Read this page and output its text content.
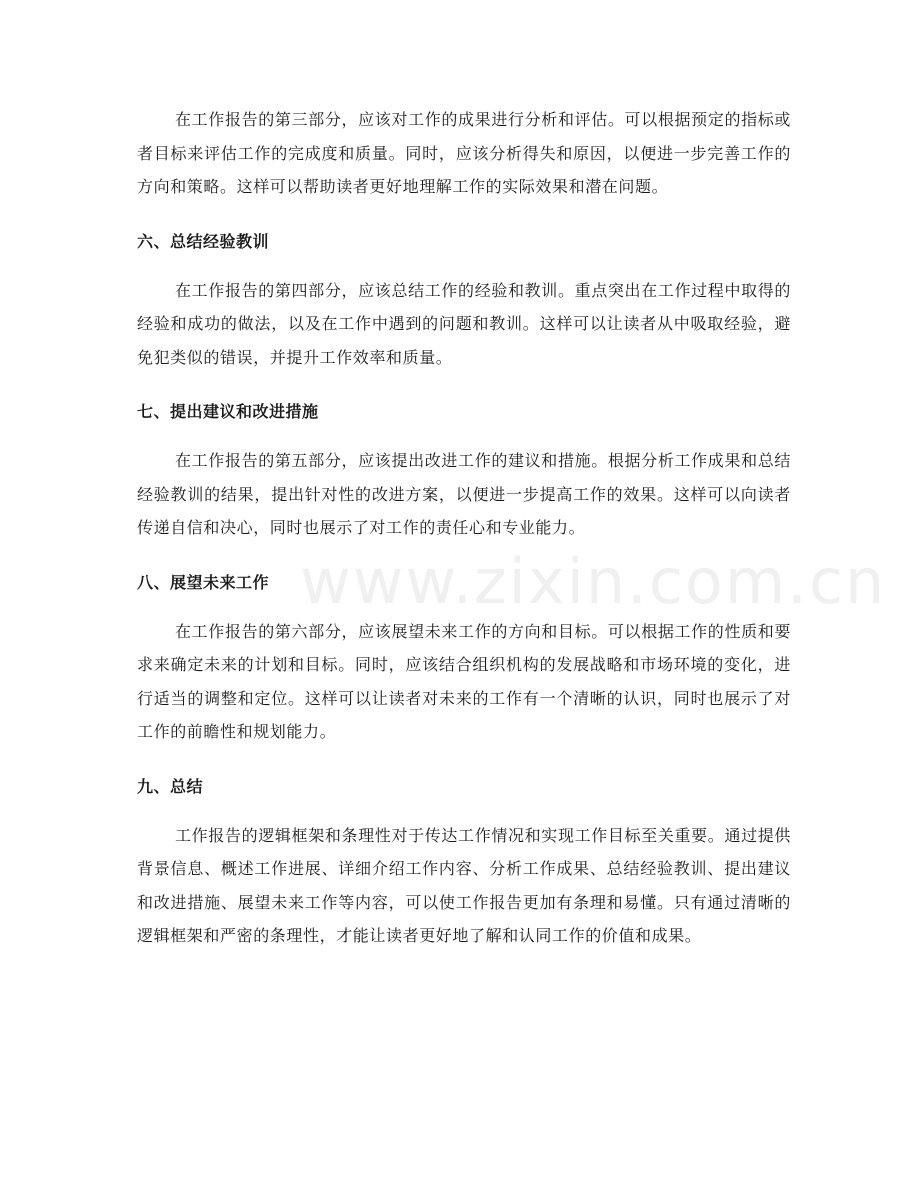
www.zixin.com.cn

在工作报告的第三部分，应该对工作的成果进行分析和评估。可以根据预定的指标或者目标来评估工作的完成度和质量。同时，应该分析得失和原因，以便进一步完善工作的方向和策略。这样可以帮助读者更好地理解工作的实际效果和潜在问题。

六、总结经验教训

在工作报告的第四部分，应该总结工作的经验和教训。重点突出在工作过程中取得的经验和成功的做法，以及在工作中遇到的问题和教训。这样可以让读者从中吸取经验，避免犯类似的错误，并提升工作效率和质量。

七、提出建议和改进措施

在工作报告的第五部分，应该提出改进工作的建议和措施。根据分析工作成果和总结经验教训的结果，提出针对性的改进方案，以便进一步提高工作的效果。这样可以向读者传递自信和决心，同时也展示了对工作的责任心和专业能力。

八、展望未来工作

在工作报告的第六部分，应该展望未来工作的方向和目标。可以根据工作的性质和要求来确定未来的计划和目标。同时，应该结合组织机构的发展战略和市场环境的变化，进行适当的调整和定位。这样可以让读者对未来的工作有一个清晰的认识，同时也展示了对工作的前瞻性和规划能力。

九、总结

工作报告的逻辑框架和条理性对于传达工作情况和实现工作目标至关重要。通过提供背景信息、概述工作进展、详细介绍工作内容、分析工作成果、总结经验教训、提出建议和改进措施、展望未来工作等内容，可以使工作报告更加有条理和易懂。只有通过清晰的逻辑框架和严密的条理性，才能让读者更好地了解和认同工作的价值和成果。
